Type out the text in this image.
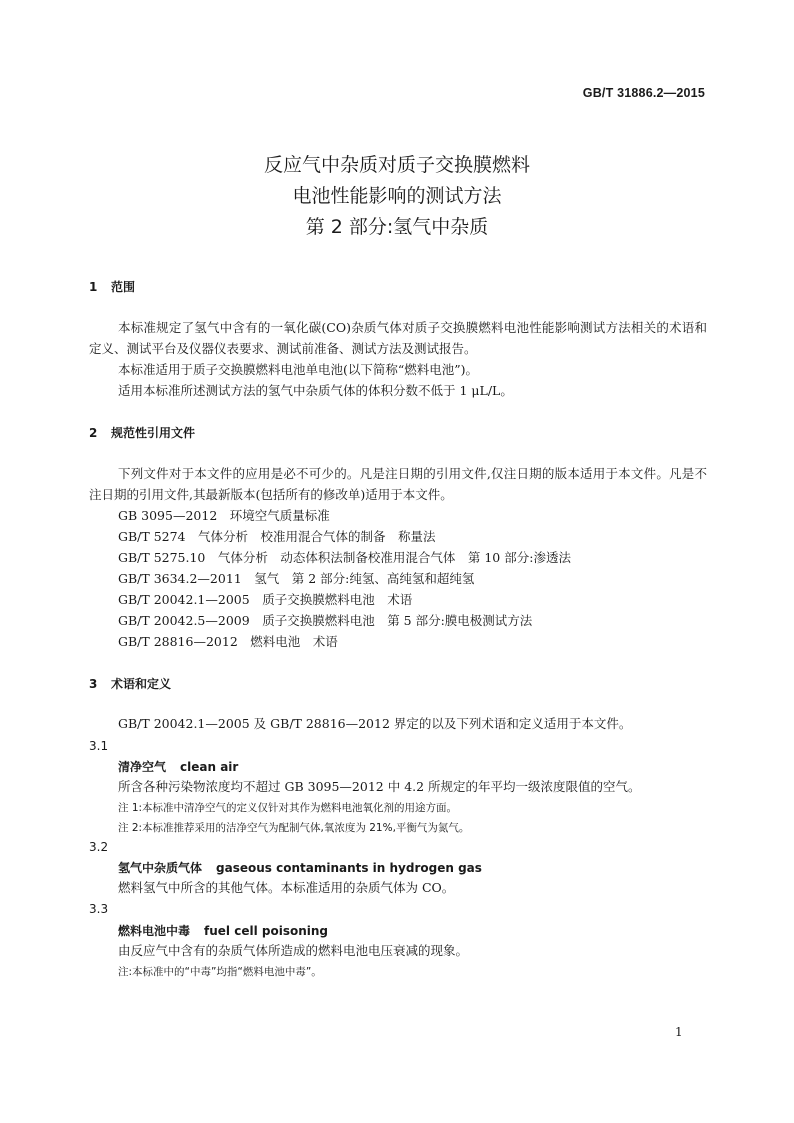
GB/T 31886.2—2015
反应气中杂质对质子交换膜燃料
电池性能影响的测试方法
第 2 部分:氢气中杂质
1 范围
本标准规定了氢气中含有的一氧化碳(CO)杂质气体对质子交换膜燃料电池性能影响测试方法相关的术语和定义、测试平台及仪器仪表要求、测试前准备、测试方法及测试报告。
本标准适用于质子交换膜燃料电池单电池(以下简称“燃料电池”)。
适用本标准所述测试方法的氢气中杂质气体的体积分数不低于 1 μL/L。
2 规范性引用文件
下列文件对于本文件的应用是必不可少的。凡是注日期的引用文件,仅注日期的版本适用于本文件。凡是不注日期的引用文件,其最新版本(包括所有的修改单)适用于本文件。
GB 3095—2012　环境空气质量标准
GB/T 5274　气体分析　校准用混合气体的制备　称量法
GB/T 5275.10　气体分析　动态体积法制备校准用混合气体　第 10 部分:渗透法
GB/T 3634.2—2011　氢气　第 2 部分:纯氢、高纯氢和超纯氢
GB/T 20042.1—2005　质子交换膜燃料电池　术语
GB/T 20042.5—2009　质子交换膜燃料电池　第 5 部分:膜电极测试方法
GB/T 28816—2012　燃料电池　术语
3 术语和定义
GB/T 20042.1—2005 及 GB/T 28816—2012 界定的以及下列术语和定义适用于本文件。
3.1
清净空气 clean air
所含各种污染物浓度均不超过 GB 3095—2012 中 4.2 所规定的年平均一级浓度限值的空气。
注 1:本标准中清净空气的定义仅针对其作为燃料电池氧化剂的用途方面。
注 2:本标准推荐采用的洁净空气为配制气体,氧浓度为 21%,平衡气为氮气。
3.2
氢气中杂质气体 gaseous contaminants in hydrogen gas
燃料氢气中所含的其他气体。本标准适用的杂质气体为 CO。
3.3
燃料电池中毒 fuel cell poisoning
由反应气中含有的杂质气体所造成的燃料电池电压衰减的现象。
注:本标准中的“中毒”均指“燃料电池中毒”。
1
